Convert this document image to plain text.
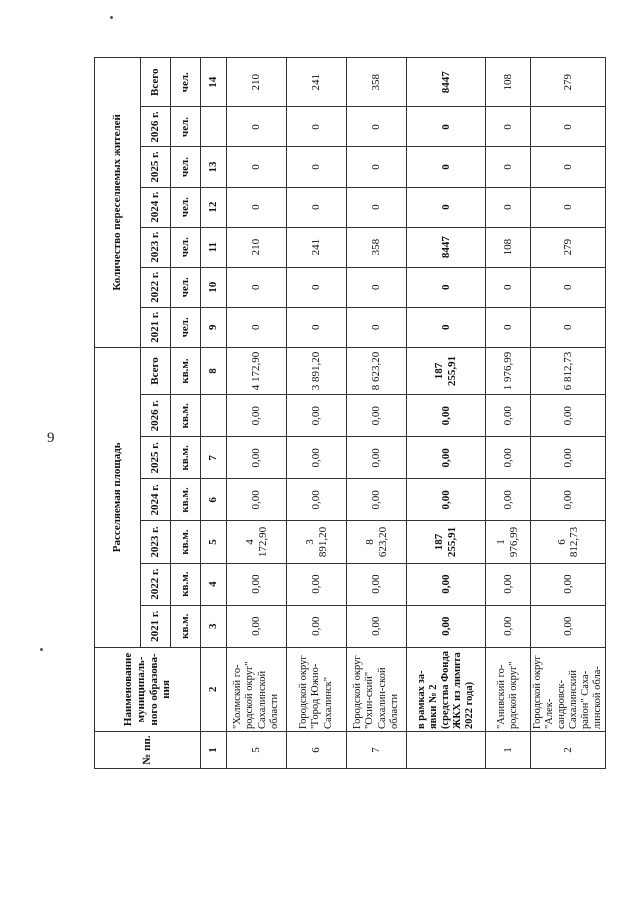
9
№ пп.	Наименование муниципаль-ного образова-ния	Расселяемая площадь							Количество переселяемых жителей						
		2021 г.	2022 г.	2023 г.	2024 г.	2025 г.	2026 г.	Всего	2021 г.	2022 г.	2023 г.	2024 г.	2025 г.	2026 г.	Всего
		кв.м.	кв.м.	кв.м.	кв.м.	кв.м.	кв.м.	кв.м.	чел.	чел.	чел.	чел.	чел.	чел.	чел.
1	2	3	4	5	6	7		8	9	10	11	12	13		14
5	"Холмский го-родской округ" Сахалинской области	0,00	0,00	4 172,90	0,00	0,00	0,00	4 172,90	0	0	210	0	0	0	210
6	Городской округ "Город Южно-Сахалинск"	0,00	0,00	3 891,20	0,00	0,00	0,00	3 891,20	0	0	241	0	0	0	241
7	Городской округ "Охин-ский" Сахалин-ской области	0,00	0,00	8 623,20	0,00	0,00	0,00	8 623,20	0	0	358	0	0	0	358
	в рамках за-явки № 2 (средства Фонда ЖКХ из лимита 2022 года)	0,00	0,00	187 255,91	0,00	0,00	0,00	187 255,91	0	0	8447	0	0	0	8447
1	"Анивский го-родской округ"	0,00	0,00	1 976,99	0,00	0,00	0,00	1 976,99	0	0	108	0	0	0	108
2	Городской округ "Алек-сандровск-Сахалинский район" Саха-линской обла-	0,00	0,00	6 812,73	0,00	0,00	0,00	6 812,73	0	0	279	0	0	0	279
